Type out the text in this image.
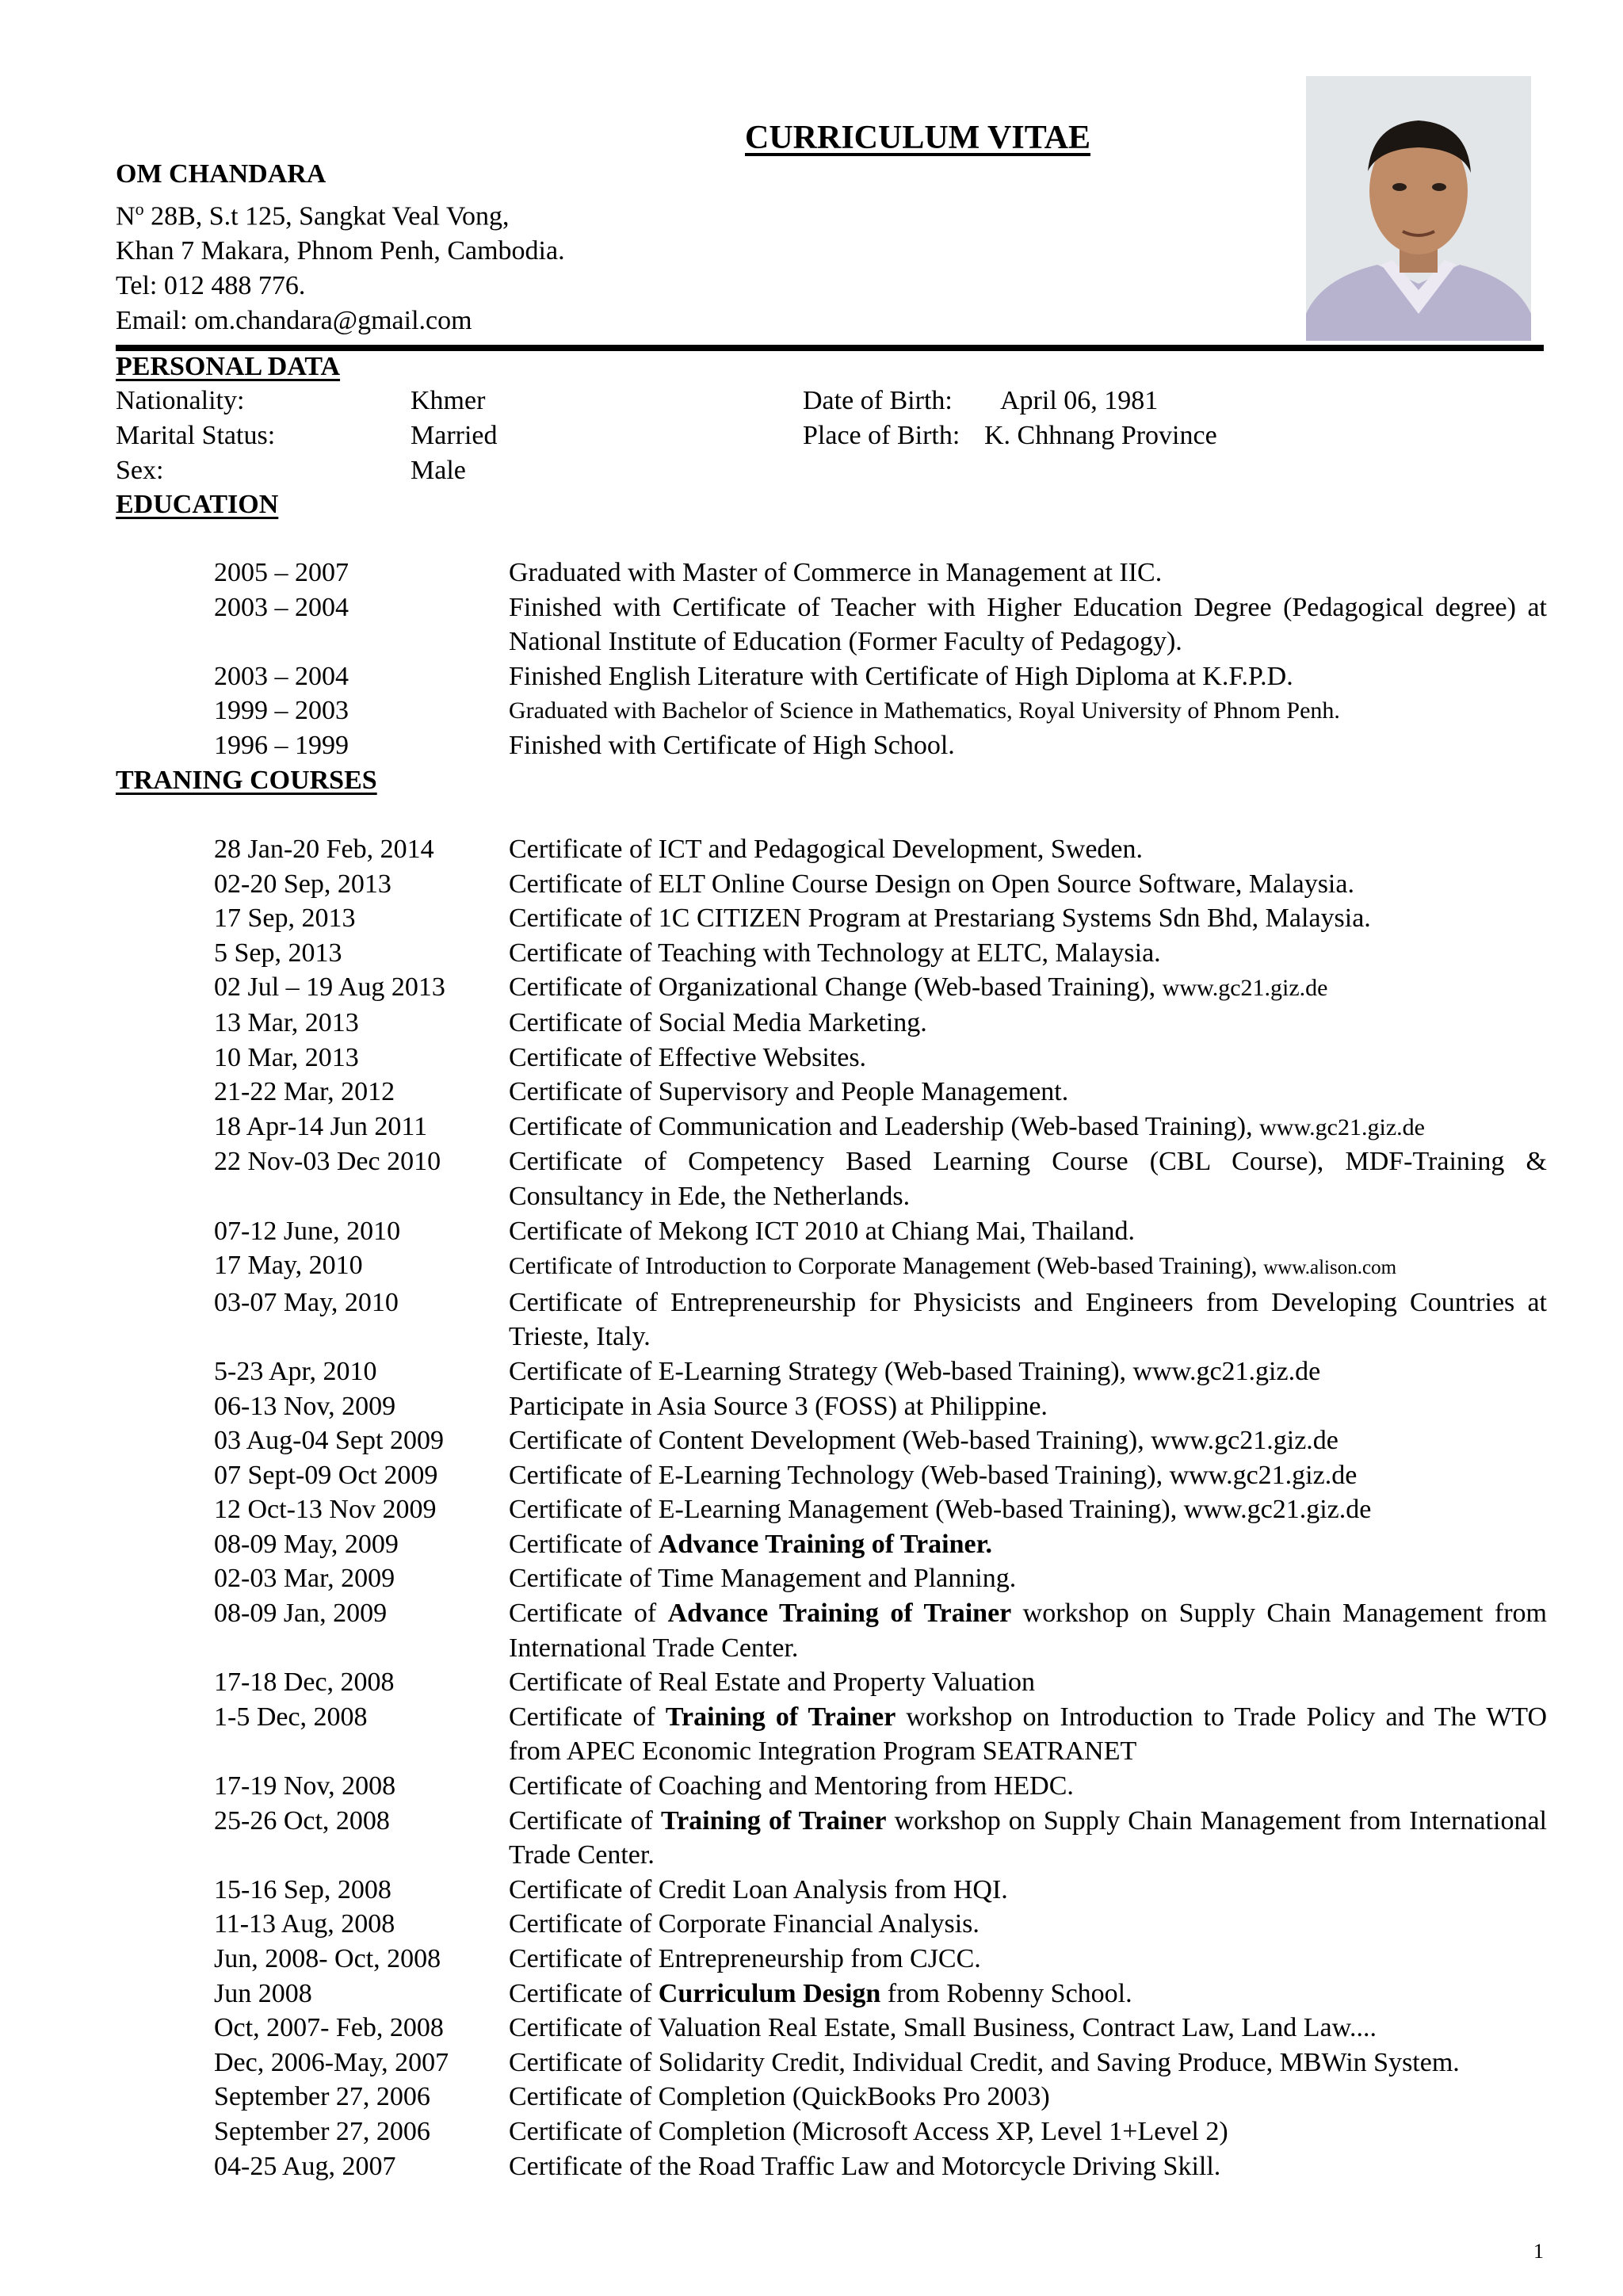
CURRICULUM VITAE
OM CHANDARA
$N^o$ 28B, S.t 125, Sangkat Veal Vong,
Khan 7 Makara, Phnom Penh, Cambodia.
Tel: 012 488 776.
Email: om.chandara@gmail.com
PERSONAL DATA
Nationality:	Khmer	Date of Birth: April 06, 1981
Marital Status:	Married	Place of Birth: K. Chhnang Province
Sex:	Male
EDUCATION
2005 – 2007	Graduated with Master of Commerce in Management at IIC.
2003 – 2004	Finished with Certificate of Teacher with Higher Education Degree (Pedagogical degree) at National Institute of Education (Former Faculty of Pedagogy).
2003 – 2004	Finished English Literature with Certificate of High Diploma at K.F.P.D.
1999 – 2003	Graduated with Bachelor of Science in Mathematics, Royal University of Phnom Penh.
1996 – 1999	Finished with Certificate of High School.
TRANING COURSES
28 Jan-20 Feb, 2014	Certificate of ICT and Pedagogical Development, Sweden.
02-20 Sep, 2013	Certificate of ELT Online Course Design on Open Source Software, Malaysia.
17 Sep, 2013	Certificate of 1C CITIZEN Program at Prestariang Systems Sdn Bhd, Malaysia.
5 Sep, 2013	Certificate of Teaching with Technology at ELTC, Malaysia.
02 Jul – 19 Aug 2013	Certificate of Organizational Change (Web-based Training), www.gc21.giz.de
13 Mar, 2013	Certificate of Social Media Marketing.
10 Mar, 2013	Certificate of Effective Websites.
21-22 Mar, 2012	Certificate of Supervisory and People Management.
18 Apr-14 Jun 2011	Certificate of Communication and Leadership (Web-based Training), www.gc21.giz.de
22 Nov-03 Dec 2010	Certificate of Competency Based Learning Course (CBL Course), MDF-Training & Consultancy in Ede, the Netherlands.
07-12 June, 2010	Certificate of Mekong ICT 2010 at Chiang Mai, Thailand.
17 May, 2010	Certificate of Introduction to Corporate Management (Web-based Training), www.alison.com
03-07 May, 2010	Certificate of Entrepreneurship for Physicists and Engineers from Developing Countries at Trieste, Italy.
5-23 Apr, 2010	Certificate of E-Learning Strategy (Web-based Training), www.gc21.giz.de
06-13 Nov, 2009	Participate in Asia Source 3 (FOSS) at Philippine.
03 Aug-04 Sept 2009	Certificate of Content Development (Web-based Training), www.gc21.giz.de
07 Sept-09 Oct 2009	Certificate of E-Learning Technology (Web-based Training), www.gc21.giz.de
12 Oct-13 Nov 2009	Certificate of E-Learning Management (Web-based Training), www.gc21.giz.de
08-09 May, 2009	Certificate of Advance Training of Trainer.
02-03 Mar, 2009	Certificate of Time Management and Planning.
08-09 Jan, 2009	Certificate of Advance Training of Trainer workshop on Supply Chain Management from International Trade Center.
17-18 Dec, 2008	Certificate of Real Estate and Property Valuation
1-5 Dec, 2008	Certificate of Training of Trainer workshop on Introduction to Trade Policy and The WTO from APEC Economic Integration Program SEATRANET
17-19 Nov, 2008	Certificate of Coaching and Mentoring from HEDC.
25-26 Oct, 2008	Certificate of Training of Trainer workshop on Supply Chain Management from International Trade Center.
15-16 Sep, 2008	Certificate of Credit Loan Analysis from HQI.
11-13 Aug, 2008	Certificate of Corporate Financial Analysis.
Jun, 2008- Oct, 2008	Certificate of Entrepreneurship from CJCC.
Jun 2008	Certificate of Curriculum Design from Robenny School.
Oct, 2007- Feb, 2008	Certificate of Valuation Real Estate, Small Business, Contract Law, Land Law....
Dec, 2006-May, 2007	Certificate of Solidarity Credit, Individual Credit, and Saving Produce, MBWin System.
September 27, 2006	Certificate of Completion (QuickBooks Pro 2003)
September 27, 2006	Certificate of Completion (Microsoft Access XP, Level 1+Level 2)
04-25 Aug, 2007	Certificate of the Road Traffic Law and Motorcycle Driving Skill.
1
